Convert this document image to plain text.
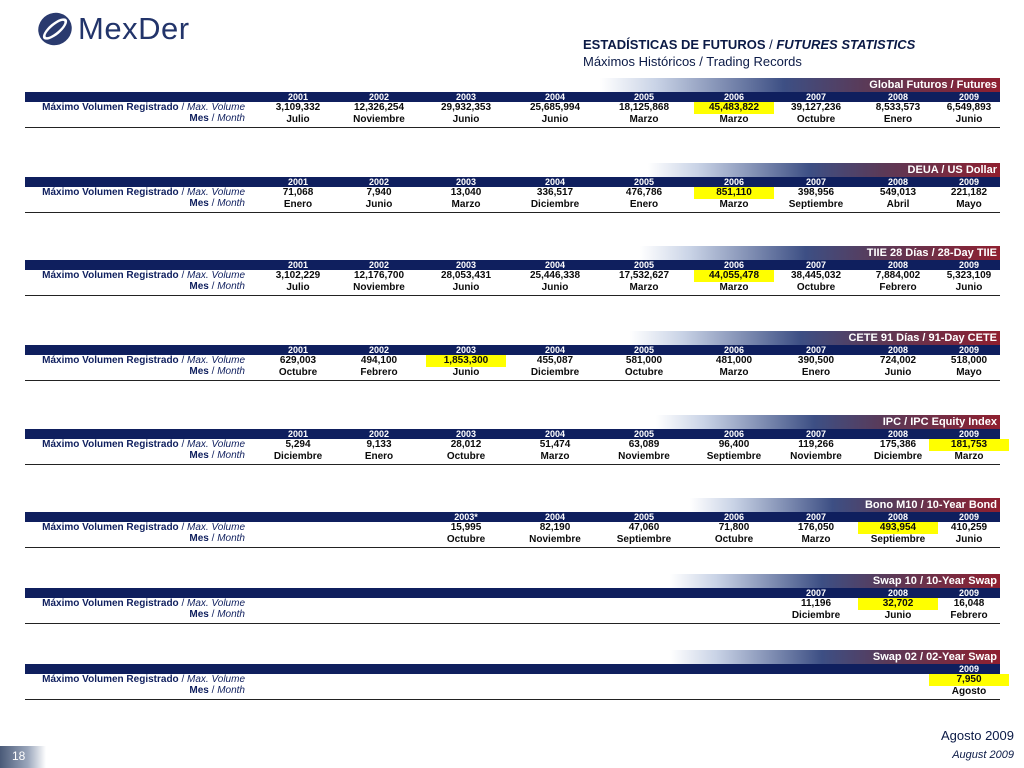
MexDer	ESTADÍSTICAS DE FUTUROS / FUTURES STATISTICS
Máximos Históricos / Trading Records
Global Futuros / Futures
2001
3,109,332
Julio
2002
12,326,254
Noviembre
2003
29,932,353
Junio
2004
25,685,994
Junio
2005
18,125,868
Marzo
2006
45,483,822
Marzo
2007
39,127,236
Octubre
2008
8,533,573
Enero
2009
6,549,893
Junio
Máximo Volumen Registrado / Max. Volume
Mes / Month
DEUA / US Dollar
2001
71,068
Enero
2002
7,940
Junio
2003
13,040
Marzo
2004
336,517
Diciembre
2005
476,786
Enero
2006
851,110
Marzo
2007
398,956
Septiembre
2008
549,013
Abril
2009
221,182
Mayo
Máximo Volumen Registrado / Max. Volume
Mes / Month
TIIE 28 Días / 28-Day TIIE
2001
3,102,229
Julio
2002
12,176,700
Noviembre
2003
28,053,431
Junio
2004
25,446,338
Junio
2005
17,532,627
Marzo
2006
44,055,478
Marzo
2007
38,445,032
Octubre
2008
7,884,002
Febrero
2009
5,323,109
Junio
Máximo Volumen Registrado / Max. Volume
Mes / Month
CETE 91 Días / 91-Day CETE
2001
629,003
Octubre
2002
494,100
Febrero
2003
1,853,300
Junio
2004
455,087
Diciembre
2005
581,000
Octubre
2006
481,000
Marzo
2007
390,500
Enero
2008
724,002
Junio
2009
518,000
Mayo
Máximo Volumen Registrado / Max. Volume
Mes / Month
IPC / IPC Equity Index
2001
5,294
Diciembre
2002
9,133
Enero
2003
28,012
Octubre
2004
51,474
Marzo
2005
63,089
Noviembre
2006
96,400
Septiembre
2007
119,266
Noviembre
2008
175,386
Diciembre
2009
181,753
Marzo
Máximo Volumen Registrado / Max. Volume
Mes / Month
Bono M10 / 10-Year Bond
2003*
15,995
Octubre
2004
82,190
Noviembre
2005
47,060
Septiembre
2006
71,800
Octubre
2007
176,050
Marzo
2008
493,954
Septiembre
2009
410,259
Junio
Máximo Volumen Registrado / Max. Volume
Mes / Month
Swap 10 / 10-Year Swap
2007
11,196
Diciembre
2008
32,702
Junio
2009
16,048
Febrero
Máximo Volumen Registrado / Max. Volume
Mes / Month
Swap 02 / 02-Year Swap
2009
7,950
Agosto
Máximo Volumen Registrado / Max. Volume
Mes / Month
Agosto 2009
August 2009
18
